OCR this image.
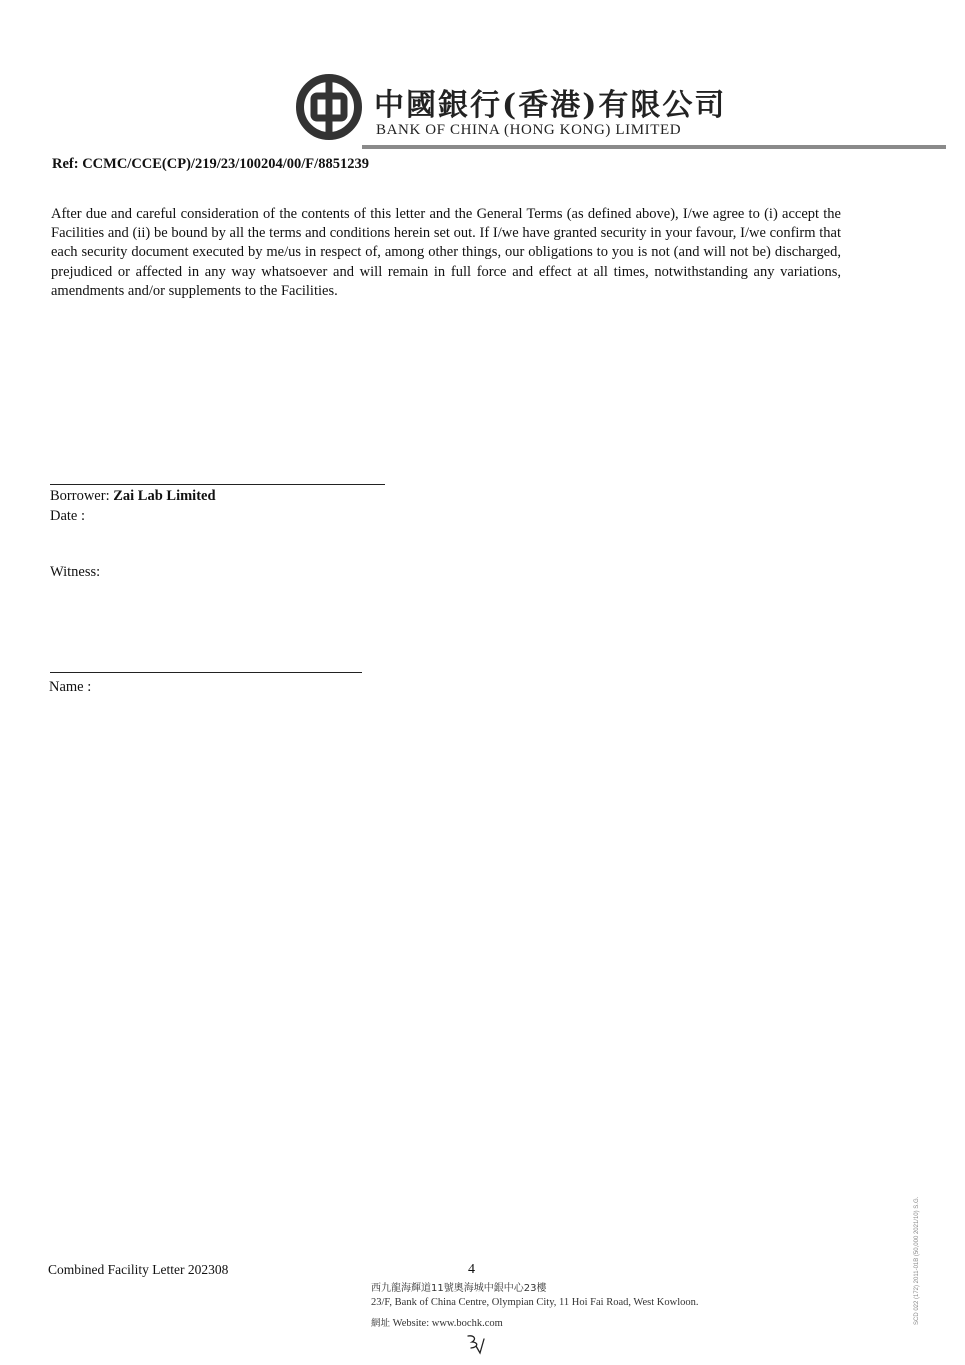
中國銀行(香港)有限公司
BANK OF CHINA (HONG KONG) LIMITED
Ref: CCMC/CCE(CP)/219/23/100204/00/F/8851239
After due and careful consideration of the contents of this letter and the General Terms (as defined above), I/we agree to (i) accept the Facilities and (ii) be bound by all the terms and conditions herein set out. If I/we have granted security in your favour, I/we confirm that each security document executed by me/us in respect of, among other things, our obligations to you is not (and will not be) discharged, prejudiced or affected in any way whatsoever and will remain in full force and effect at all times, notwithstanding any variations, amendments and/or supplements to the Facilities.
Borrower: Zai Lab Limited
Date :
Witness:
Name :
Combined Facility Letter 202308	4
西九龍海輝道11號奧海城中銀中心23樓
23/F, Bank of China Centre, Olympian City, 11 Hoi Fai Road, West Kowloon.
網址 Website: www.bochk.com	SCD 022 (172) 2011-01B (50,000 2021/10) S.G.
